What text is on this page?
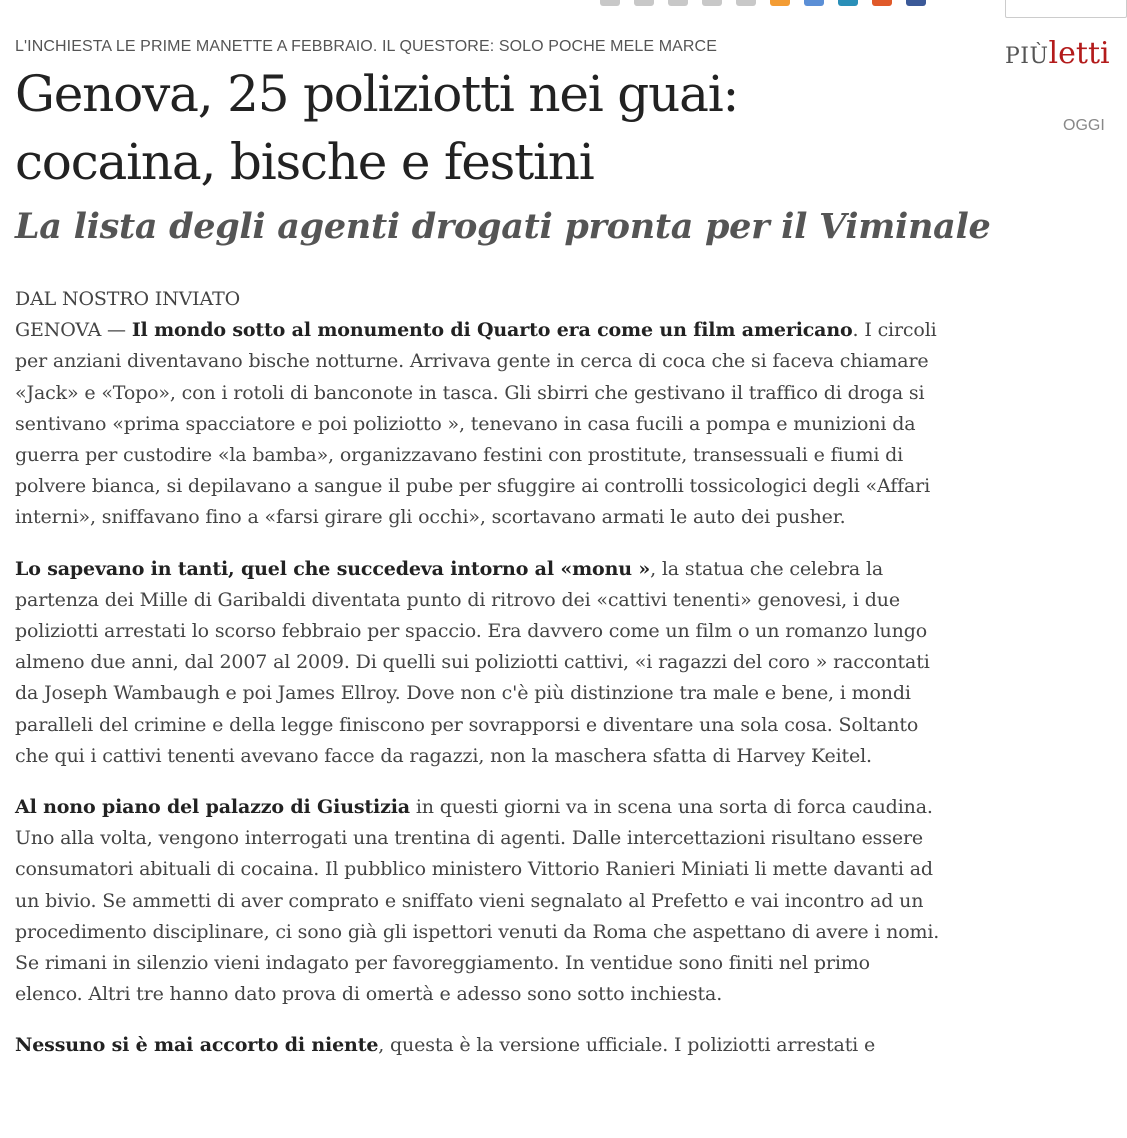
L'INCHIESTA LE PRIME MANETTE A FEBBRAIO. IL QUESTORE: SOLO POCHE MELE MARCE
Genova, 25 poliziotti nei guai: cocaina, bische e festini
La lista degli agenti drogati pronta per il Viminale

DAL NOSTRO INVIATO
GENOVA — Il mondo sotto al monumento di Quarto era come un film americano. I circoli per anziani diventavano bische notturne. Arrivava gente in cerca di coca che si faceva chiamare «Jack» e «Topo», con i rotoli di banconote in tasca. Gli sbirri che gestivano il traffico di droga si sentivano «prima spacciatore e poi poliziotto », tenevano in casa fucili a pompa e munizioni da guerra per custodire «la bamba», organizzavano festini con prostitute, transessuali e fiumi di polvere bianca, si depilavano a sangue il pube per sfuggire ai controlli tossicologici degli «Affari interni», sniffavano fino a «farsi girare gli occhi», scortavano armati le auto dei pusher.

Lo sapevano in tanti, quel che succedeva intorno al «monu », la statua che celebra la partenza dei Mille di Garibaldi diventata punto di ritrovo dei «cattivi tenenti» genovesi, i due poliziotti arrestati lo scorso febbraio per spaccio. Era davvero come un film o un romanzo lungo almeno due anni, dal 2007 al 2009. Di quelli sui poliziotti cattivi, «i ragazzi del coro » raccontati da Joseph Wambaugh e poi James Ellroy. Dove non c'è più distinzione tra male e bene, i mondi paralleli del crimine e della legge finiscono per sovrapporsi e diventare una sola cosa. Soltanto che qui i cattivi tenenti avevano facce da ragazzi, non la maschera sfatta di Harvey Keitel.

Al nono piano del palazzo di Giustizia in questi giorni va in scena una sorta di forca caudina. Uno alla volta, vengono interrogati una trentina di agenti. Dalle intercettazioni risultano essere consumatori abituali di cocaina. Il pubblico ministero Vittorio Ranieri Miniati li mette davanti ad un bivio. Se ammetti di aver comprato e sniffato vieni segnalato al Prefetto e vai incontro ad un procedimento disciplinare, ci sono già gli ispettori venuti da Roma che aspettano di avere i nomi. Se rimani in silenzio vieni indagato per favoreggiamento. In ventidue sono finiti nel primo elenco. Altri tre hanno dato prova di omertà e adesso sono sotto inchiesta.

Nessuno si è mai accorto di niente, questa è la versione ufficiale. I poliziotti arrestati e

PIÙletti
OGGI
